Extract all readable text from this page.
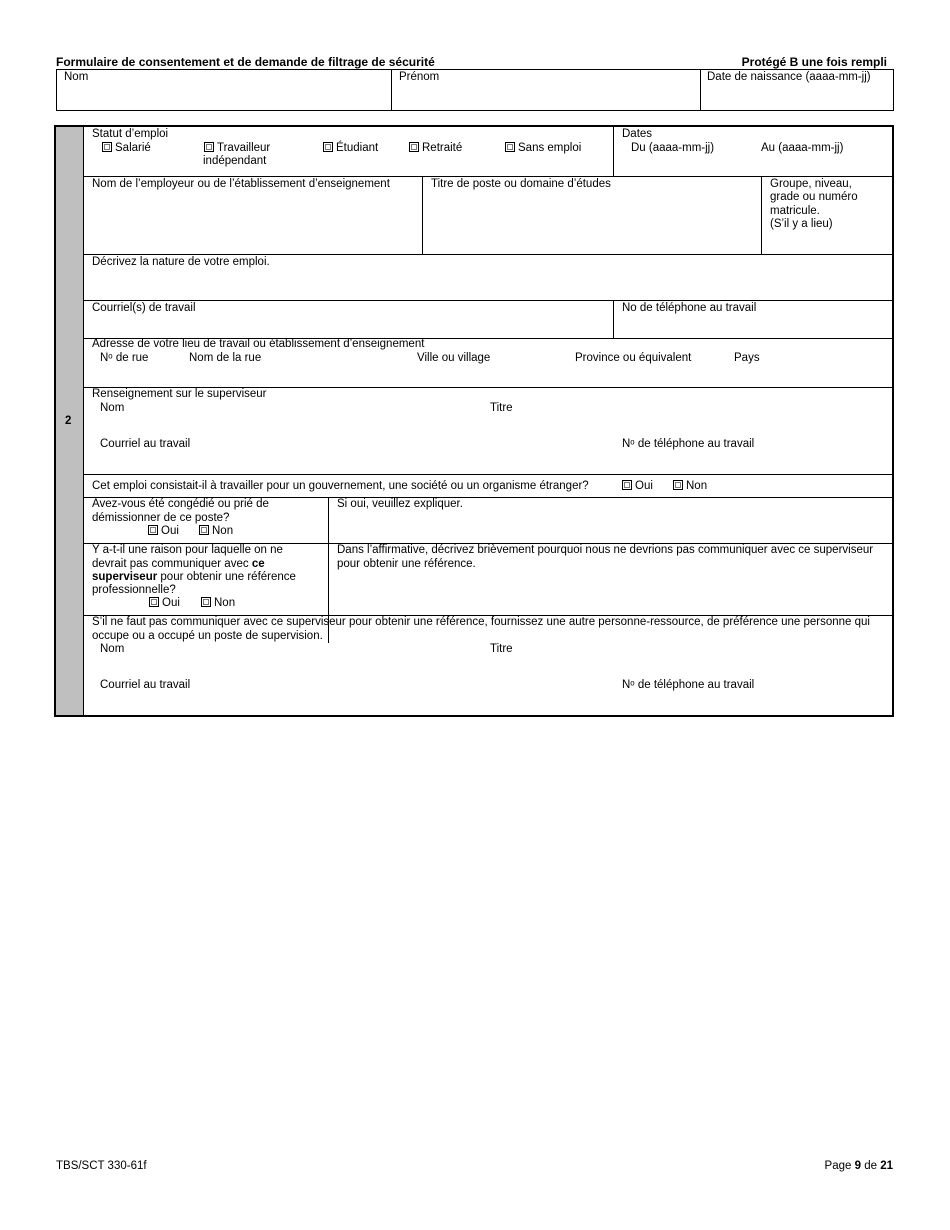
Formulaire de consentement et de demande de filtrage de sécurité	Protégé B une fois rempli
Nom	Prénom	Date de naissance (aaaa-mm-jj)
2
Statut d’emploi
Salarié	Travailleur
indépendant
Étudiant	Retraité	Sans emploi
Dates
Du (aaaa-mm-jj)	Au (aaaa-mm-jj)
Nom de l’employeur ou de l’établissement d’enseignement	Titre de poste ou domaine d’études	Groupe, niveau,
grade ou numéro
matricule.
(S’il y a lieu)
Décrivez la nature de votre emploi.
Courriel(s) de travail	No de téléphone au travail
Adresse de votre lieu de travail ou établissement d’enseignement
Nᵒ de rue	Nom de la rue	Ville ou village	Province ou équivalent	Pays
Renseignement sur le superviseur
Nom	Titre
Courriel au travail	Nᵒ de téléphone au travail
Cet emploi consistait-il à travailler pour un gouvernement, une société ou un organisme étranger?	Oui	Non
Avez-vous été congédié ou prié de
démissionner de ce poste?
Oui	Non
Si oui, veuillez expliquer.
Y a-t-il une raison pour laquelle on ne
devrait pas communiquer avec ce
superviseur pour obtenir une référence
professionnelle?
Oui	Non
Dans l’affirmative, décrivez brièvement pourquoi nous ne devrions pas communiquer avec ce superviseur pour obtenir une référence.
S’il ne faut pas communiquer avec ce superviseur pour obtenir une référence, fournissez une autre personne-ressource, de préférence une personne qui occupe ou a occupé un poste de supervision.
Nom	Titre
Courriel au travail	Nᵒ de téléphone au travail
TBS/SCT 330-61f	Page 9 de 21
